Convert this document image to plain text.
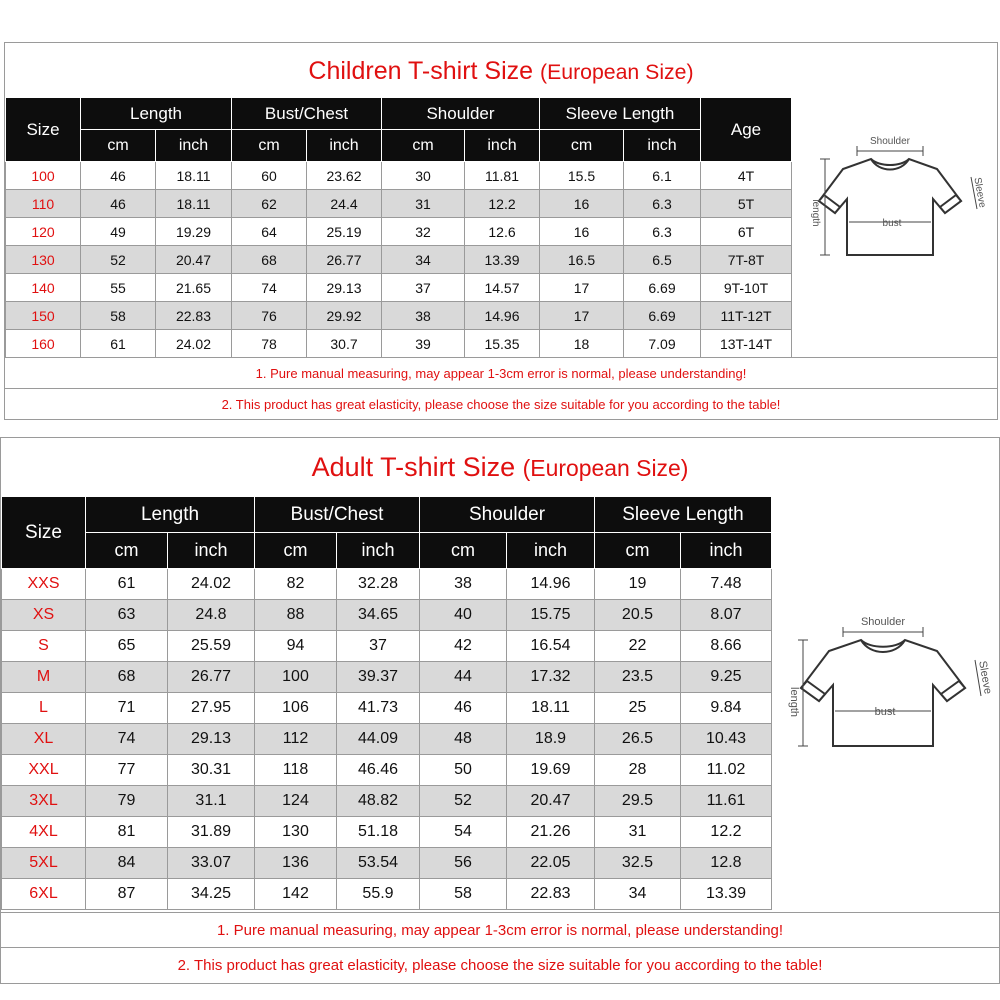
Children T-shirt Size (European Size)
Size	Length		Bust/Chest		Shoulder		Sleeve Length		Age
	cm	inch	cm	inch	cm	inch	cm	inch	
100	46	18.11	60	23.62	30	11.81	15.5	6.1	4T
110	46	18.11	62	24.4	31	12.2	16	6.3	5T
120	49	19.29	64	25.19	32	12.6	16	6.3	6T
130	52	20.47	68	26.77	34	13.39	16.5	6.5	7T-8T
140	55	21.65	74	29.13	37	14.57	17	6.69	9T-10T
150	58	22.83	76	29.92	38	14.96	17	6.69	11T-12T
160	61	24.02	78	30.7	39	15.35	18	7.09	13T-14T
Shoulder
bust
length
Sleeve
1. Pure manual measuring, may appear 1-3cm error is normal, please understanding!
2. This product has great elasticity, please choose the size suitable for you according to the table!
Adult T-shirt Size (European Size)
Size	Length		Bust/Chest		Shoulder		Sleeve Length	
	cm	inch	cm	inch	cm	inch	cm	inch
XXS	61	24.02	82	32.28	38	14.96	19	7.48
XS	63	24.8	88	34.65	40	15.75	20.5	8.07
S	65	25.59	94	37	42	16.54	22	8.66
M	68	26.77	100	39.37	44	17.32	23.5	9.25
L	71	27.95	106	41.73	46	18.11	25	9.84
XL	74	29.13	112	44.09	48	18.9	26.5	10.43
XXL	77	30.31	118	46.46	50	19.69	28	11.02
3XL	79	31.1	124	48.82	52	20.47	29.5	11.61
4XL	81	31.89	130	51.18	54	21.26	31	12.2
5XL	84	33.07	136	53.54	56	22.05	32.5	12.8
6XL	87	34.25	142	55.9	58	22.83	34	13.39
Shoulder
bust
length
Sleeve
1. Pure manual measuring, may appear 1-3cm error is normal, please understanding!
2. This product has great elasticity, please choose the size suitable for you according to the table!
